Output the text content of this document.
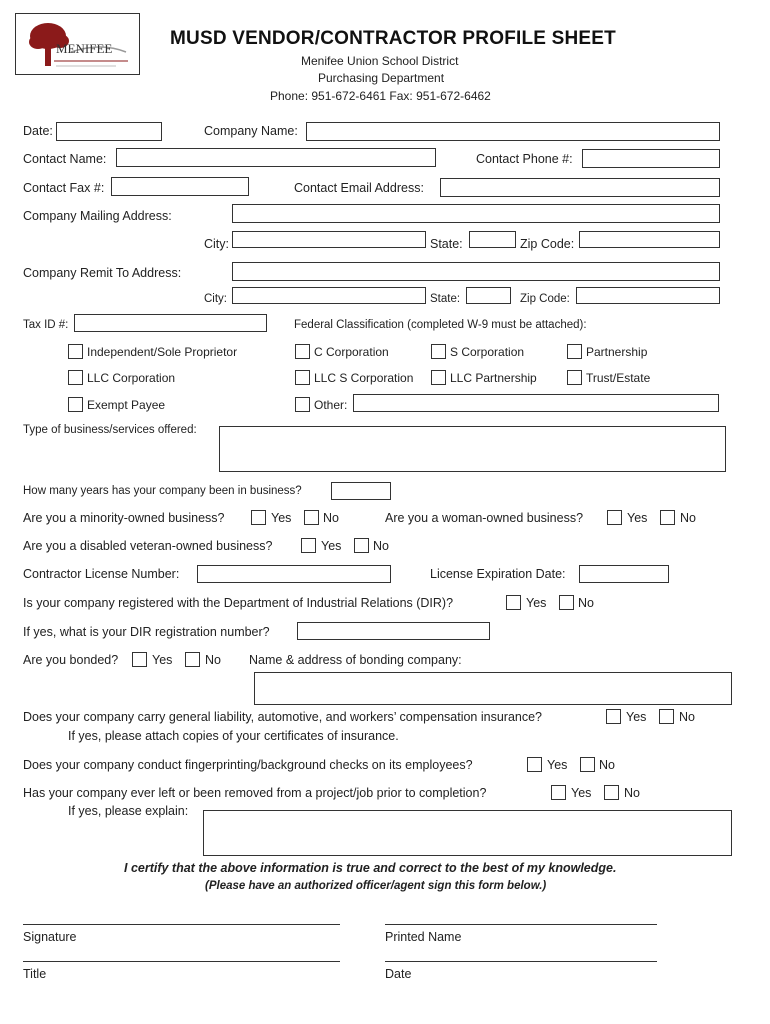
MENIFEE	MUSD VENDOR/CONTRACTOR PROFILE SHEET
Menifee Union School District
Purchasing Department
Phone: 951-672-6461 Fax: 951-672-6462
Date:	Company Name:
Contact Name:	Contact Phone #:
Contact Fax #:	Contact Email Address:
Company Mailing Address:
City:	State:	Zip Code:
Company Remit To Address:
City:	State:	Zip Code:
Tax ID #:	Federal Classification (completed W-9 must be attached):
Independent/Sole Proprietor	C Corporation	S Corporation	Partnership
LLC Corporation	LLC S Corporation	LLC Partnership	Trust/Estate
Exempt Payee	Other:
Type of business/services offered:
How many years has your company been in business?
Are you a minority-owned business?	Yes	No	Are you a woman-owned business?	Yes	No
Are you a disabled veteran-owned business?	Yes	No
Contractor License Number:	License Expiration Date:
Is your company registered with the Department of Industrial Relations (DIR)?	Yes	No
If yes, what is your DIR registration number?
Are you bonded?	Yes	No Name & address of bonding company:
Does your company carry general liability, automotive, and workers’ compensation insurance?	Yes	No
If yes, please attach copies of your certificates of insurance.
Does your company conduct fingerprinting/background checks on its employees?	Yes	No
Has your company ever left or been removed from a project/job prior to completion?	Yes	No
If yes, please explain:
I certify that the above information is true and correct to the best of my knowledge.
(Please have an authorized officer/agent sign this form below.)
Signature	Printed Name
Title	Date
